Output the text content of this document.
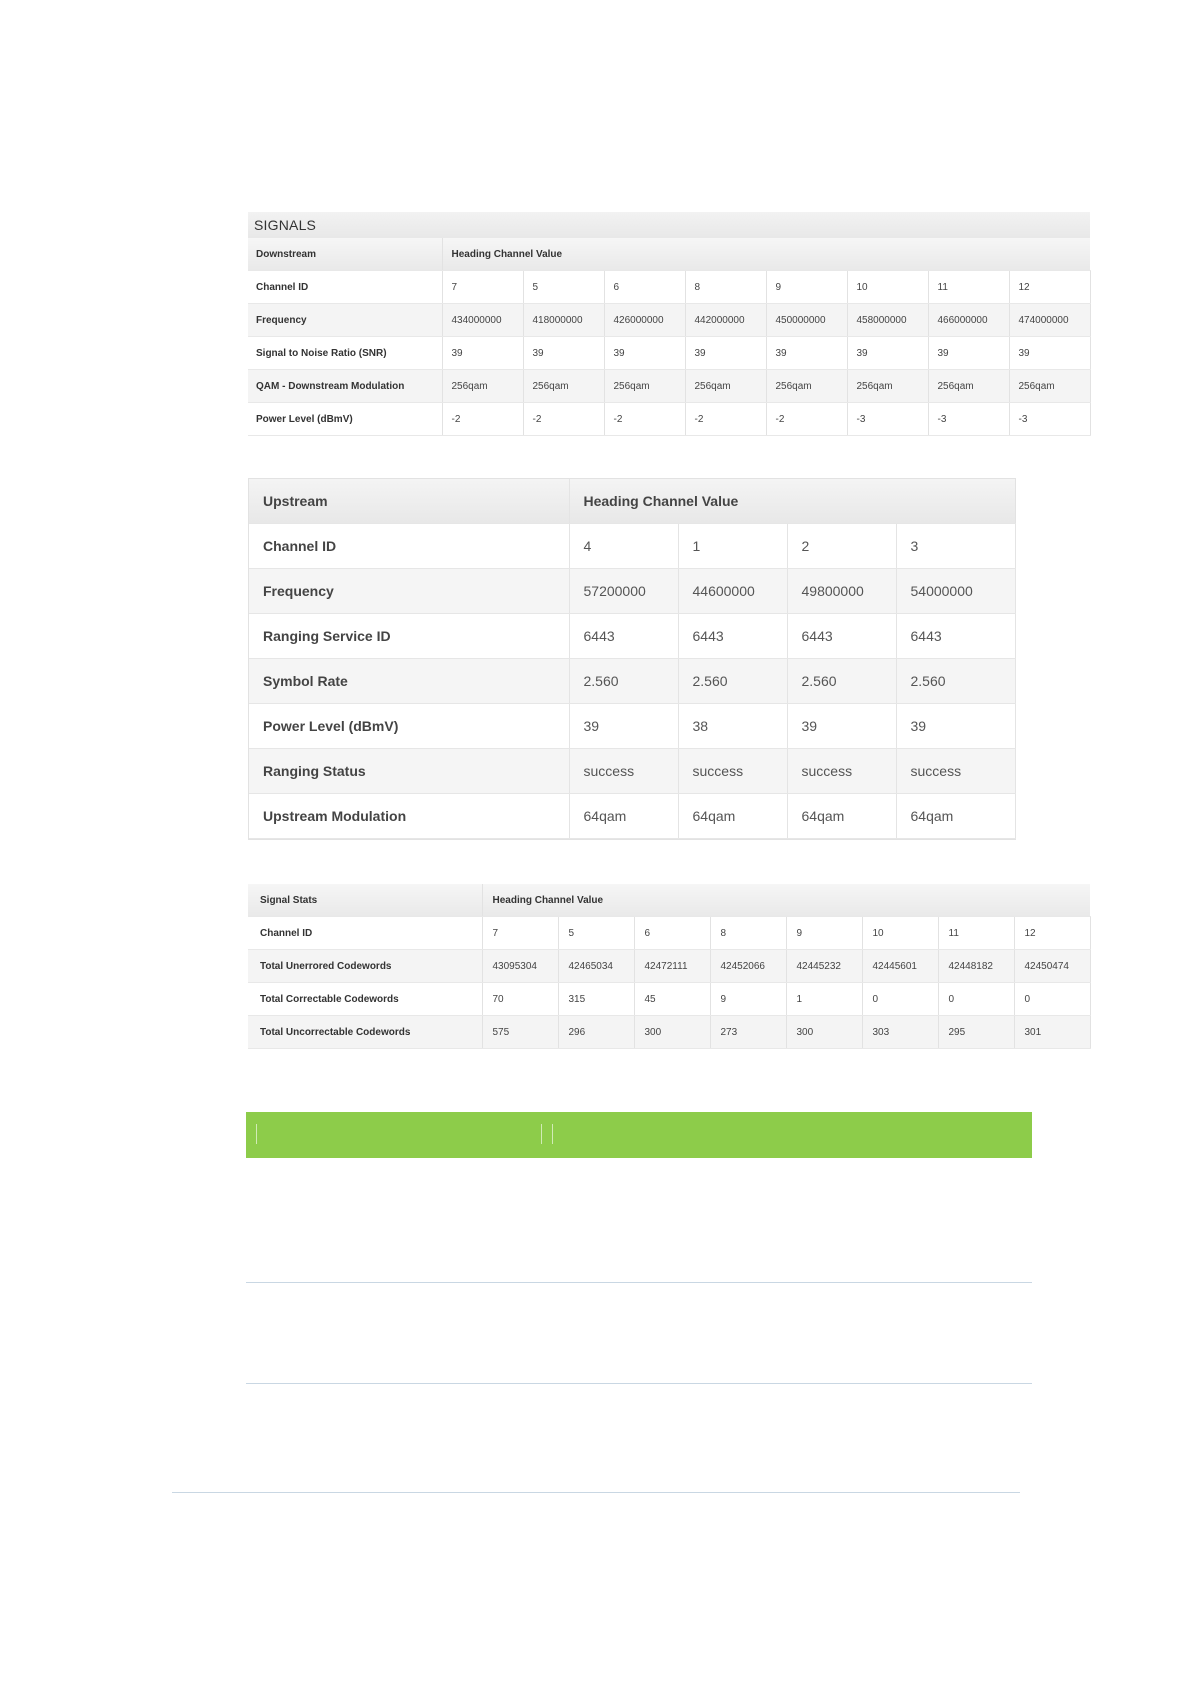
SIGNALS
Downstream	Heading Channel Value							
Channel ID	7	5	6	8	9	10	11	12
Frequency	434000000	418000000	426000000	442000000	450000000	458000000	466000000	474000000
Signal to Noise Ratio (SNR)	39	39	39	39	39	39	39	39
QAM - Downstream Modulation	256qam	256qam	256qam	256qam	256qam	256qam	256qam	256qam
Power Level (dBmV)	-2	-2	-2	-2	-2	-3	-3	-3
Upstream	Heading Channel Value			
Channel ID	4	1	2	3
Frequency	57200000	44600000	49800000	54000000
Ranging Service ID	6443	6443	6443	6443
Symbol Rate	2.560	2.560	2.560	2.560
Power Level (dBmV)	39	38	39	39
Ranging Status	success	success	success	success
Upstream Modulation	64qam	64qam	64qam	64qam
Signal Stats	Heading Channel Value							
Channel ID	7	5	6	8	9	10	11	12
Total Unerrored Codewords	43095304	42465034	42472111	42452066	42445232	42445601	42448182	42450474
Total Correctable Codewords	70	315	45	9	1	0	0	0
Total Uncorrectable Codewords	575	296	300	273	300	303	295	301
